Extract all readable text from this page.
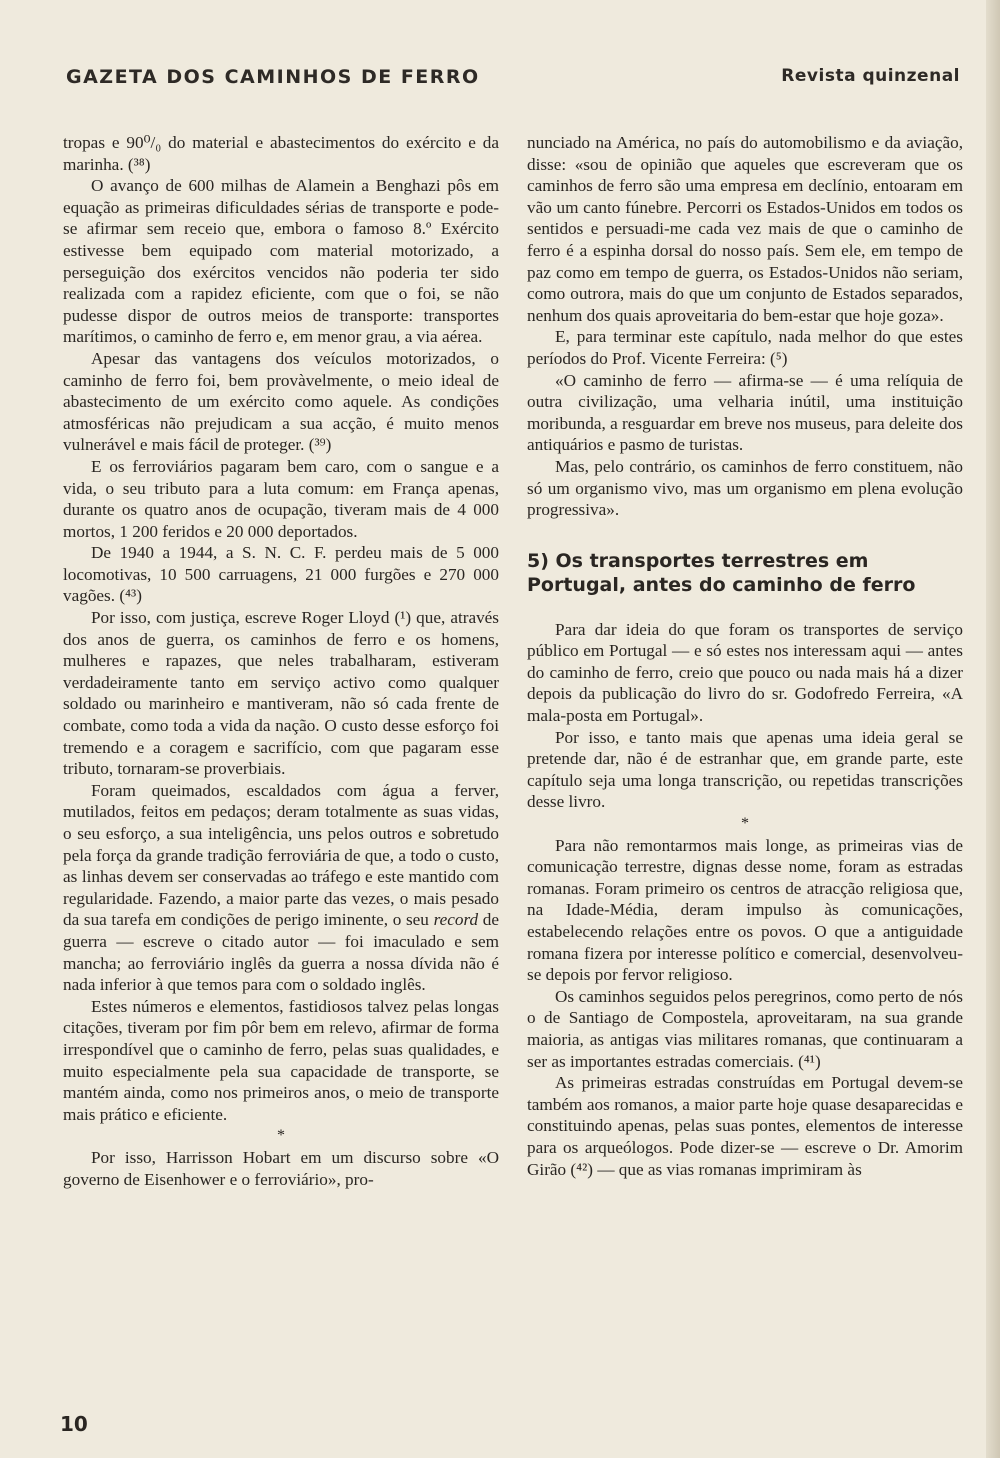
GAZETA DOS CAMINHOS DE FERRO	Revista quinzenal

tropas e 90⁰/₀ do material e abastecimentos do exército e da marinha. (³⁸)

O avanço de 600 milhas de Alamein a Benghazi pôs em equação as primeiras dificuldades sérias de transporte e pode-se afirmar sem receio que, embora o famoso 8.º Exército estivesse bem equipado com material motorizado, a perseguição dos exércitos vencidos não poderia ter sido realizada com a rapidez eficiente, com que o foi, se não pudesse dispor de outros meios de transporte: transportes marítimos, o caminho de ferro e, em menor grau, a via aérea.

Apesar das vantagens dos veículos motorizados, o caminho de ferro foi, bem provàvelmente, o meio ideal de abastecimento de um exército como aquele. As condições atmosféricas não prejudicam a sua acção, é muito menos vulnerável e mais fácil de proteger. (³⁹)

E os ferroviários pagaram bem caro, com o sangue e a vida, o seu tributo para a luta comum: em França apenas, durante os quatro anos de ocupação, tiveram mais de 4 000 mortos, 1 200 feridos e 20 000 deportados.

De 1940 a 1944, a S. N. C. F. perdeu mais de 5 000 locomotivas, 10 500 carruagens, 21 000 furgões e 270 000 vagões. (⁴³)

Por isso, com justiça, escreve Roger Lloyd (¹) que, através dos anos de guerra, os caminhos de ferro e os homens, mulheres e rapazes, que neles trabalharam, estiveram verdadeiramente tanto em serviço activo como qualquer soldado ou marinheiro e mantiveram, não só cada frente de combate, como toda a vida da nação. O custo desse esforço foi tremendo e a coragem e sacrifício, com que pagaram esse tributo, tornaram-se proverbiais.

Foram queimados, escaldados com água a ferver, mutilados, feitos em pedaços; deram totalmente as suas vidas, o seu esforço, a sua inteligência, uns pelos outros e sobretudo pela força da grande tradição ferroviária de que, a todo o custo, as linhas devem ser conservadas ao tráfego e este mantido com regularidade. Fazendo, a maior parte das vezes, o mais pesado da sua tarefa em condições de perigo iminente, o seu record de guerra — escreve o citado autor — foi imaculado e sem mancha; ao ferroviário inglês da guerra a nossa dívida não é nada inferior à que temos para com o soldado inglês.

Estes números e elementos, fastidiosos talvez pelas longas citações, tiveram por fim pôr bem em relevo, afirmar de forma irrespondível que o caminho de ferro, pelas suas qualidades, e muito especialmente pela sua capacidade de transporte, se mantém ainda, como nos primeiros anos, o meio de transporte mais prático e eficiente.

*

Por isso, Harrisson Hobart em um discurso sobre «O governo de Eisenhower e o ferroviário», pro-

nunciado na América, no país do automobilismo e da aviação, disse: «sou de opinião que aqueles que escreveram que os caminhos de ferro são uma empresa em declínio, entoaram em vão um canto fúnebre. Percorri os Estados-Unidos em todos os sentidos e persuadi-me cada vez mais de que o caminho de ferro é a espinha dorsal do nosso país. Sem ele, em tempo de paz como em tempo de guerra, os Estados-Unidos não seriam, como outrora, mais do que um conjunto de Estados separados, nenhum dos quais aproveitaria do bem-estar que hoje goza».

E, para terminar este capítulo, nada melhor do que estes períodos do Prof. Vicente Ferreira: (⁵)

«O caminho de ferro — afirma-se — é uma relíquia de outra civilização, uma velharia inútil, uma instituição moribunda, a resguardar em breve nos museus, para deleite dos antiquários e pasmo de turistas.

Mas, pelo contrário, os caminhos de ferro constituem, não só um organismo vivo, mas um organismo em plena evolução progressiva».

5) Os transportes terrestres em Portugal, antes do caminho de ferro

Para dar ideia do que foram os transportes de serviço público em Portugal — e só estes nos interessam aqui — antes do caminho de ferro, creio que pouco ou nada mais há a dizer depois da publicação do livro do sr. Godofredo Ferreira, «A mala-posta em Portugal».

Por isso, e tanto mais que apenas uma ideia geral se pretende dar, não é de estranhar que, em grande parte, este capítulo seja uma longa transcrição, ou repetidas transcrições desse livro.

*

Para não remontarmos mais longe, as primeiras vias de comunicação terrestre, dignas desse nome, foram as estradas romanas. Foram primeiro os centros de atracção religiosa que, na Idade-Média, deram impulso às comunicações, estabelecendo relações entre os povos. O que a antiguidade romana fizera por interesse político e comercial, desenvolveu-se depois por fervor religioso.

Os caminhos seguidos pelos peregrinos, como perto de nós o de Santiago de Compostela, aproveitaram, na sua grande maioria, as antigas vias militares romanas, que continuaram a ser as importantes estradas comerciais. (⁴¹)

As primeiras estradas construídas em Portugal devem-se também aos romanos, a maior parte hoje quase desaparecidas e constituindo apenas, pelas suas pontes, elementos de interesse para os arqueólogos. Pode dizer-se — escreve o Dr. Amorim Girão (⁴²) — que as vias romanas imprimiram às

10
